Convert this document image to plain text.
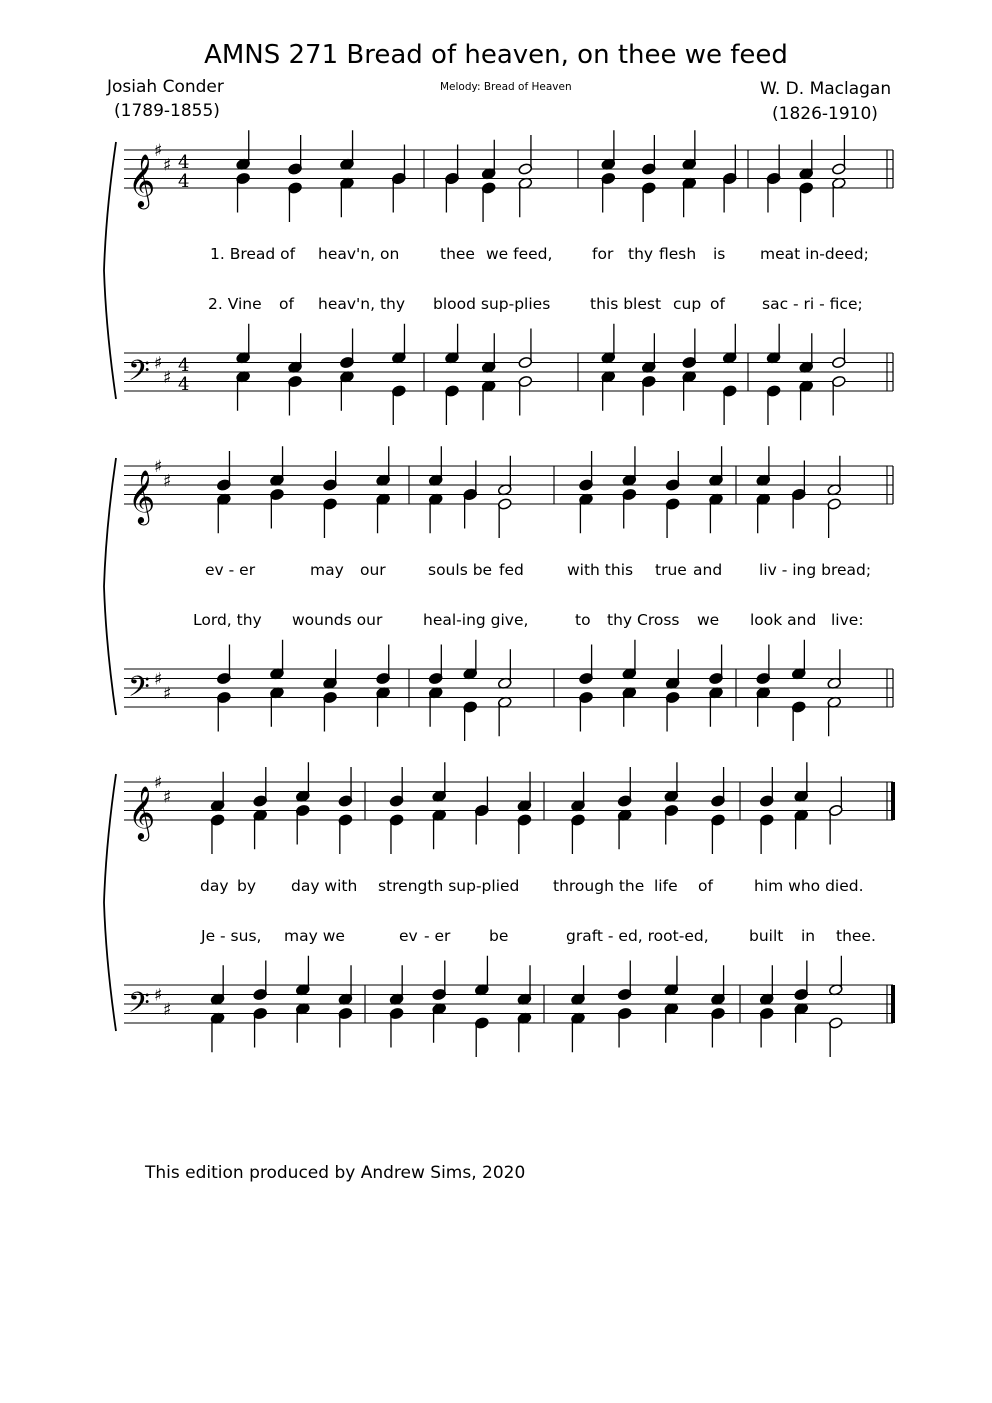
AMNS 271 Bread of heaven, on thee we feed
Josiah Conder
(1789-1855)
Melody: Bread of Heaven	W. D. Maclagan
(1826-1910)
𝄞
𝄢
♯
♯
♯
♯
4
4
4
4
𝄞
𝄢
♯
♯
♯
♯
𝄞
𝄢
♯
♯
♯
♯
1. Bread of heav'n, on	thee we feed,	for thy flesh is meat in-deed;
2. Vine of heav'n, thy blood sup-plies	this blest cup of sac - ri - fice;
ev - er	may our	souls be fed	with this true and liv - ing bread;
Lord, thy wounds our	heal-ing give,	to thy Cross we look and live:
day by day with strength sup-plied through the life of	him who died.
Je - sus, may we	ev - er be	graft - ed, root-ed,	built in thee.
This edition produced by Andrew Sims, 2020
